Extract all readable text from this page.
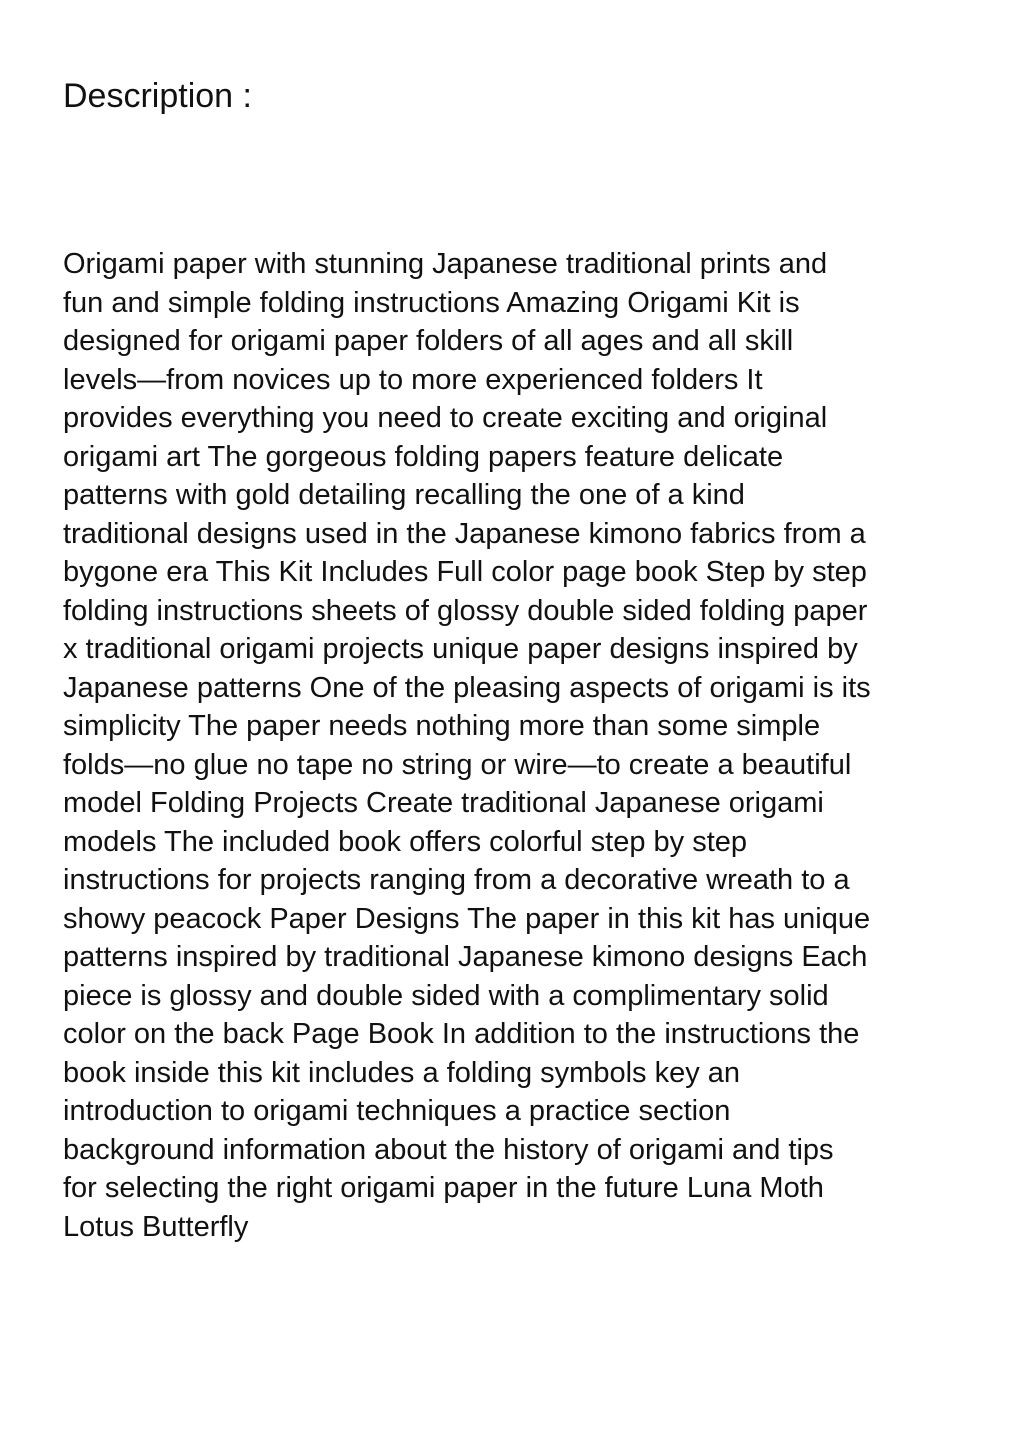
Description :
Origami paper with stunning Japanese traditional prints and
fun and simple folding instructions Amazing Origami Kit is
designed for origami paper folders of all ages and all skill
levels—from novices up to more experienced folders It
provides everything you need to create exciting and original
origami art The gorgeous folding papers feature delicate
patterns with gold detailing recalling the one of a kind
traditional designs used in the Japanese kimono fabrics from a
bygone era This Kit Includes Full color page book Step by step
folding instructions sheets of glossy double sided folding paper
x traditional origami projects unique paper designs inspired by
Japanese patterns One of the pleasing aspects of origami is its
simplicity The paper needs nothing more than some simple
folds—no glue no tape no string or wire—to create a beautiful
model Folding Projects Create traditional Japanese origami
models The included book offers colorful step by step
instructions for projects ranging from a decorative wreath to a
showy peacock Paper Designs The paper in this kit has unique
patterns inspired by traditional Japanese kimono designs Each
piece is glossy and double sided with a complimentary solid
color on the back Page Book In addition to the instructions the
book inside this kit includes a folding symbols key an
introduction to origami techniques a practice section
background information about the history of origami and tips
for selecting the right origami paper in the future Luna Moth
Lotus Butterfly
